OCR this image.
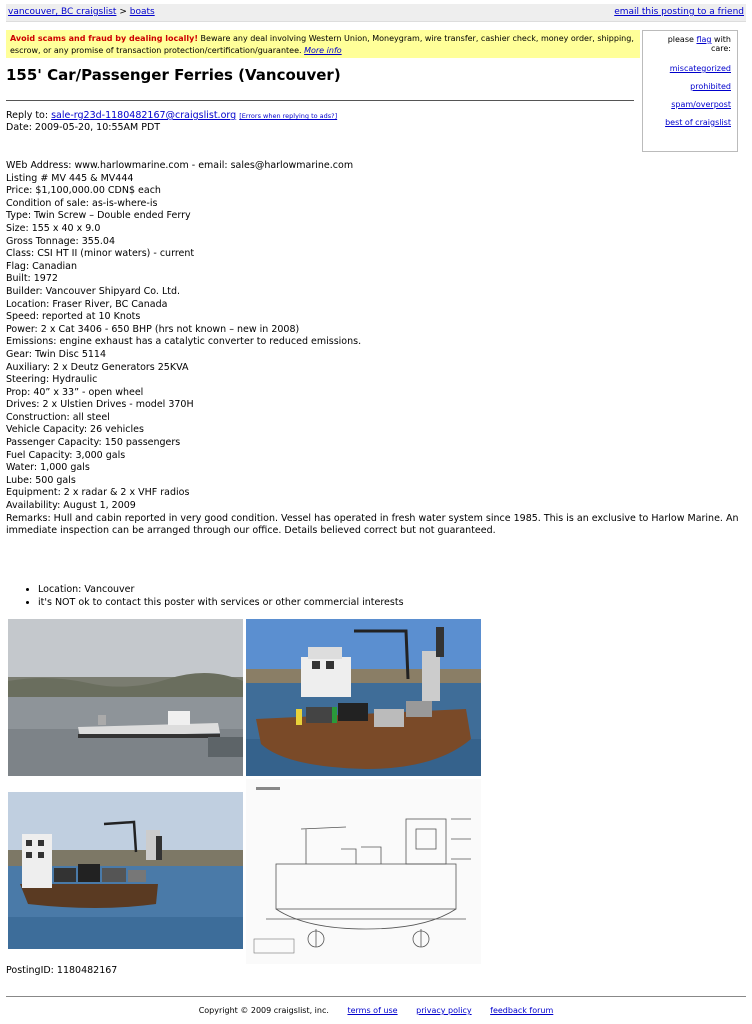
vancouver, BC craigslist > boats	email this posting to a friend
Avoid scams and fraud by dealing locally! Beware any deal involving Western Union, Moneygram, wire transfer, cashier check, money order, shipping, escrow, or any promise of transaction protection/certification/guarantee. More info
please flag with care:
miscategorized
prohibited
spam/overpost
best of craigslist
155' Car/Passenger Ferries (Vancouver)
Reply to: sale-rg23d-1180482167@craigslist.org [Errors when replying to ads?]
Date: 2009-05-20, 10:55AM PDT
WEb Address: www.harlowmarine.com - email: sales@harlowmarine.com
Listing # MV 445 & MV444
Price: $1,100,000.00 CDN$ each
Condition of sale: as-is-where-is
Type: Twin Screw – Double ended Ferry
Size: 155 x 40 x 9.0
Gross Tonnage: 355.04
Class: CSI HT II (minor waters) - current
Flag: Canadian
Built: 1972
Builder: Vancouver Shipyard Co. Ltd.
Location: Fraser River, BC Canada
Speed: reported at 10 Knots
Power: 2 x Cat 3406 - 650 BHP (hrs not known – new in 2008)
Emissions: engine exhaust has a catalytic converter to reduced emissions.
Gear: Twin Disc 5114
Auxiliary: 2 x Deutz Generators 25KVA
Steering: Hydraulic
Prop: 40” x 33” - open wheel
Drives: 2 x Ulstien Drives - model 370H
Construction: all steel
Vehicle Capacity: 26 vehicles
Passenger Capacity: 150 passengers
Fuel Capacity: 3,000 gals
Water: 1,000 gals
Lube: 500 gals
Equipment: 2 x radar & 2 x VHF radios
Availability: August 1, 2009
Remarks: Hull and cabin reported in very good condition. Vessel has operated in fresh water system since 1985. This is an exclusive to Harlow Marine. An immediate inspection can be arranged through our office. Details believed correct but not guaranteed.
• Location: Vancouver
• it's NOT ok to contact this poster with services or other commercial interests
PostingID: 1180482167
Copyright © 2009 craigslist, inc. terms of use privacy policy feedback forum
